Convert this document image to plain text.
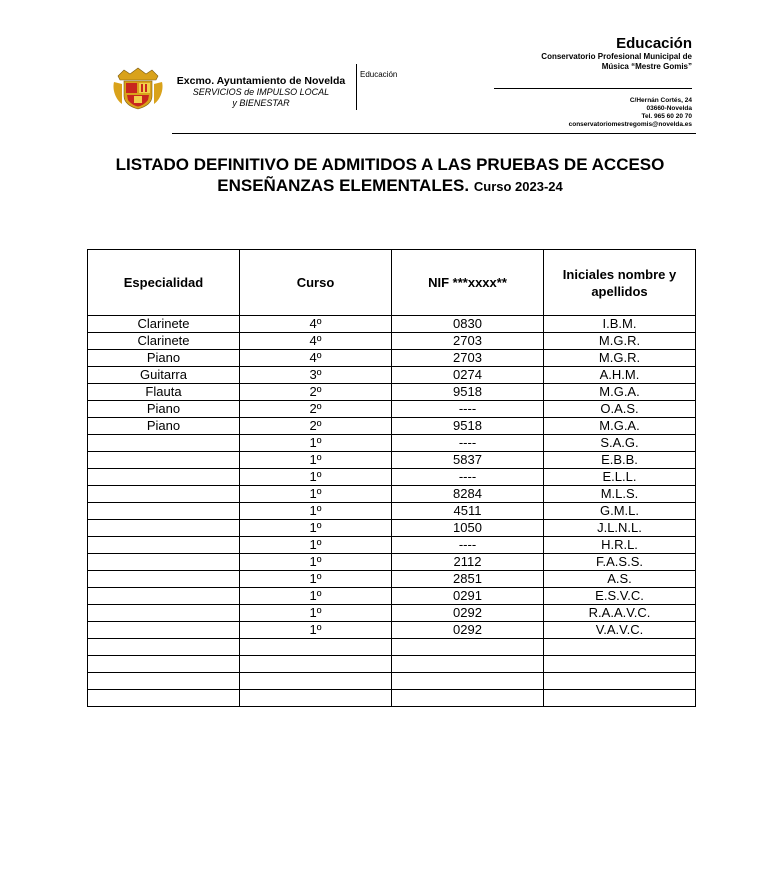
Excmo. Ayuntamiento de Novelda
SERVICIOS de IMPULSO LOCAL
y BIENESTAR
Educación
Educación
Conservatorio Profesional Municipal de
Música “Mestre Gomis”
C/Hernán Cortés, 24
03660-Novelda
Tel. 965 60 20 70
conservatoriomestregomis@novelda.es
LISTADO DEFINITIVO DE ADMITIDOS A LAS PRUEBAS DE ACCESO
ENSEÑANZAS ELEMENTALES. Curso 2023-24
Especialidad	Curso	NIF ***xxxx**	Iniciales nombre y apellidos
Clarinete	4º	0830	I.B.M.
Clarinete	4º	2703	M.G.R.
Piano	4º	2703	M.G.R.
Guitarra	3º	0274	A.H.M.
Flauta	2º	9518	M.G.A.
Piano	2º	----	O.A.S.
Piano	2º	9518	M.G.A.
	1º	----	S.A.G.
	1º	5837	E.B.B.
	1º	----	E.L.L.
	1º	8284	M.L.S.
	1º	4511	G.M.L.
	1º	1050	J.L.N.L.
	1º	----	H.R.L.
	1º	2112	F.A.S.S.
	1º	2851	A.S.
	1º	0291	E.S.V.C.
	1º	0292	R.A.A.V.C.
	1º	0292	V.A.V.C.
